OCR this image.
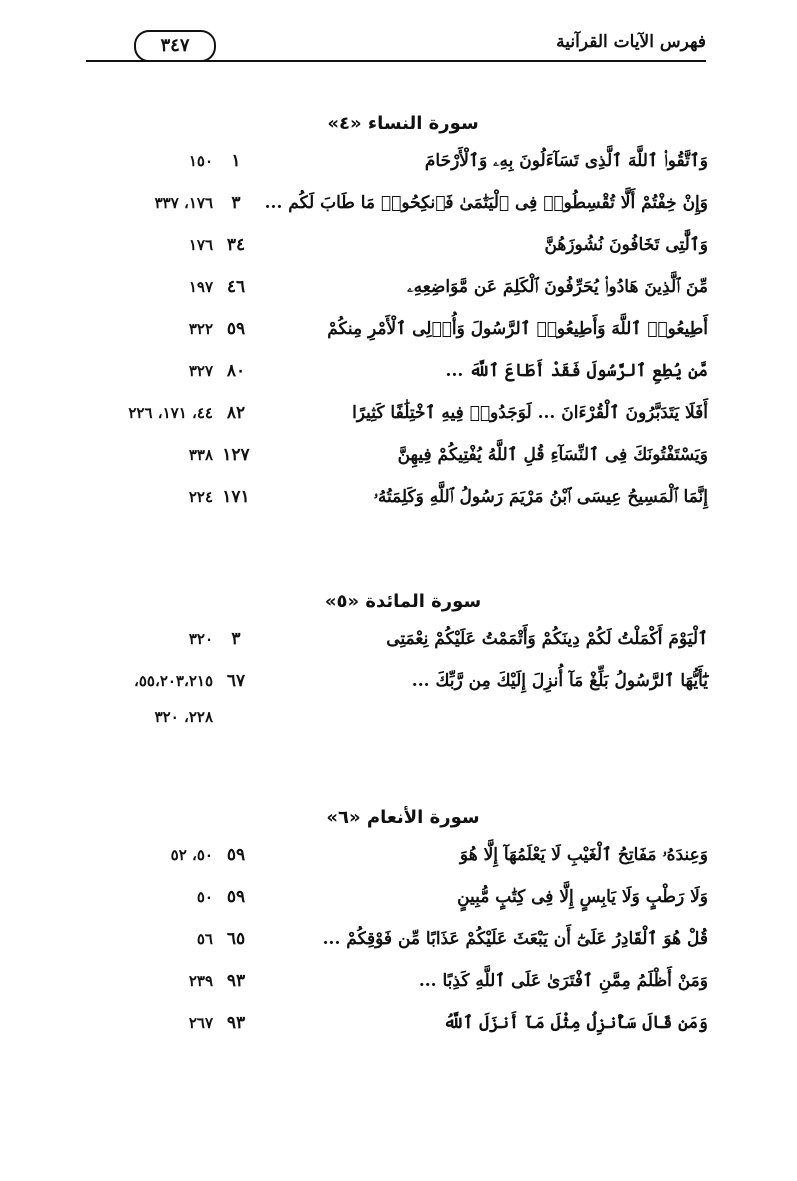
فهرس الآيات القرآنية
٣٤٧
سورة النساء «٤»
وَٱتَّقُوا۟ ٱللَّهَ ٱلَّذِى تَسَآءَلُونَ بِهِۦ وَٱلْأَرْحَامَ
١
١٥٠
وَإِنْ خِفْتُمْ أَلَّا تُقْسِطُوا۟ فِى ٱلْيَتَٰمَىٰ فَٱنكِحُوا۟ مَا طَابَ لَكُم ...
٣
١٧٦، ٣٣٧
وَٱلَّٰتِى تَخَافُونَ نُشُوزَهُنَّ
٣٤
١٧٦
مِّنَ ٱلَّذِينَ هَادُوا۟ يُحَرِّفُونَ ٱلْكَلِمَ عَن مَّوَاضِعِهِۦ
٤٦
١٩٧
أَطِيعُوا۟ ٱللَّهَ وَأَطِيعُوا۟ ٱلرَّسُولَ وَأُو۟لِى ٱلْأَمْرِ مِنكُمْ
٥٩
٣٢٢
مَّن يُطِعِ ٱلرَّسُولَ فَقَدْ أَطَاعَ ٱللَّهَ ...
٨٠
٣٢٧
أَفَلَا يَتَدَبَّرُونَ ٱلْقُرْءَانَ ... لَوَجَدُوا۟ فِيهِ ٱخْتِلَٰفًا كَثِيرًا
٨٢
٤٤، ١٧١، ٢٢٦
وَيَسْتَفْتُونَكَ فِى ٱلنِّسَآءِ قُلِ ٱللَّهُ يُفْتِيكُمْ فِيهِنَّ
١٢٧
٣٣٨
إِنَّمَا ٱلْمَسِيحُ عِيسَى ٱبْنُ مَرْيَمَ رَسُولُ ٱللَّهِ وَكَلِمَتُهُۥ
١٧١
٢٢٤
سورة المائدة «٥»
ٱلْيَوْمَ أَكْمَلْتُ لَكُمْ دِينَكُمْ وَأَتْمَمْتُ عَلَيْكُمْ نِعْمَتِى
٣
٣٢٠
يَٰٓأَيُّهَا ٱلرَّسُولُ بَلِّغْ مَآ أُنزِلَ إِلَيْكَ مِن رَّبِّكَ ...
٦٧
٥٥،٢٠٣،٢١٥،
٢٢٨، ٣٢٠
سورة الأنعام «٦»
وَعِندَهُۥ مَفَاتِحُ ٱلْغَيْبِ لَا يَعْلَمُهَآ إِلَّا هُوَ
٥٩
٥٠، ٥٢
وَلَا رَطْبٍ وَلَا يَابِسٍ إِلَّا فِى كِتَٰبٍ مُّبِينٍ
٥٩
٥٠
قُلْ هُوَ ٱلْقَادِرُ عَلَىٰٓ أَن يَبْعَثَ عَلَيْكُمْ عَذَابًا مِّن فَوْقِكُمْ ...
٦٥
٥٦
وَمَنْ أَظْلَمُ مِمَّنِ ٱفْتَرَىٰ عَلَى ٱللَّهِ كَذِبًا ...
٩٣
٢٣٩
وَمَن قَالَ سَأُنزِلُ مِثْلَ مَآ أَنزَلَ ٱللَّهُ
٩٣
٢٦٧
